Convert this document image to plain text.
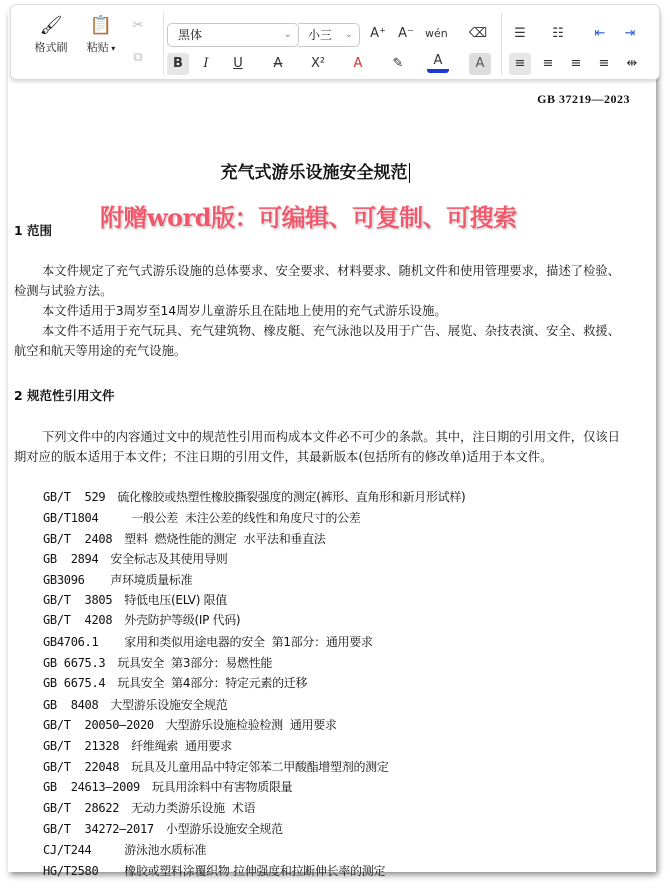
🖌
格式刷
📋
粘贴 ▾
✂
⧉
黑体	⌄	小三 ⌄ A⁺ A⁻ wén ⌫
B	I	U	A	X²	A	✎	A	A
☰	☷	⇤	⇥
≡	≡	≡	≡	⇹
GB 37219—2023
充气式游乐设施安全规范
附赠word版：可编辑、可复制、可搜索
1 范围
本文件规定了充气式游乐设施的总体要求、安全要求、材料要求、随机文件和使用管理要求，描述了检验、检测与试验方法。
本文件适用于3周岁至14周岁儿童游乐且在陆地上使用的充气式游乐设施。
本文件不适用于充气玩具、充气建筑物、橡皮艇、充气泳池以及用于广告、展览、杂技表演、安全、救援、航空和航天等用途的充气设施。
2 规范性引用文件
下列文件中的内容通过文中的规范性引用而构成本文件必不可少的条款。其中，注日期的引用文件，仅该日期对应的版本适用于本文件；不注日期的引用文件，其最新版本(包括所有的修改单)适用于本文件。
GB/T  529 硫化橡胶或热塑性橡胶撕裂强度的测定(裤形、直角形和新月形试样)
GB/T1804   一般公差  未注公差的线性和角度尺寸的公差
GB/T  2408 塑料  燃烧性能的测定  水平法和垂直法
GB  2894 安全标志及其使用导则
GB3096  声环境质量标准
GB/T  3805 特低电压(ELV) 限值
GB/T  4208 外壳防护等级(IP 代码)
GB4706.1  家用和类似用途电器的安全  第1部分：通用要求
GB 6675.3 玩具安全  第3部分：易燃性能
GB 6675.4 玩具安全  第4部分：特定元素的迁移
GB  8408 大型游乐设施安全规范
GB/T  20050—2020 大型游乐设施检验检测  通用要求
GB/T  21328 纤维绳索  通用要求
GB/T  22048 玩具及儿童用品中特定邻苯二甲酸酯增塑剂的测定
GB  24613—2009 玩具用涂料中有害物质限量
GB/T  28622 无动力类游乐设施  术语
GB/T  34272—2017 小型游乐设施安全规范
CJ/T244   游泳池水质标准
HG/T2580  橡胶或塑料涂覆织物 拉伸强度和拉断伸长率的测定
